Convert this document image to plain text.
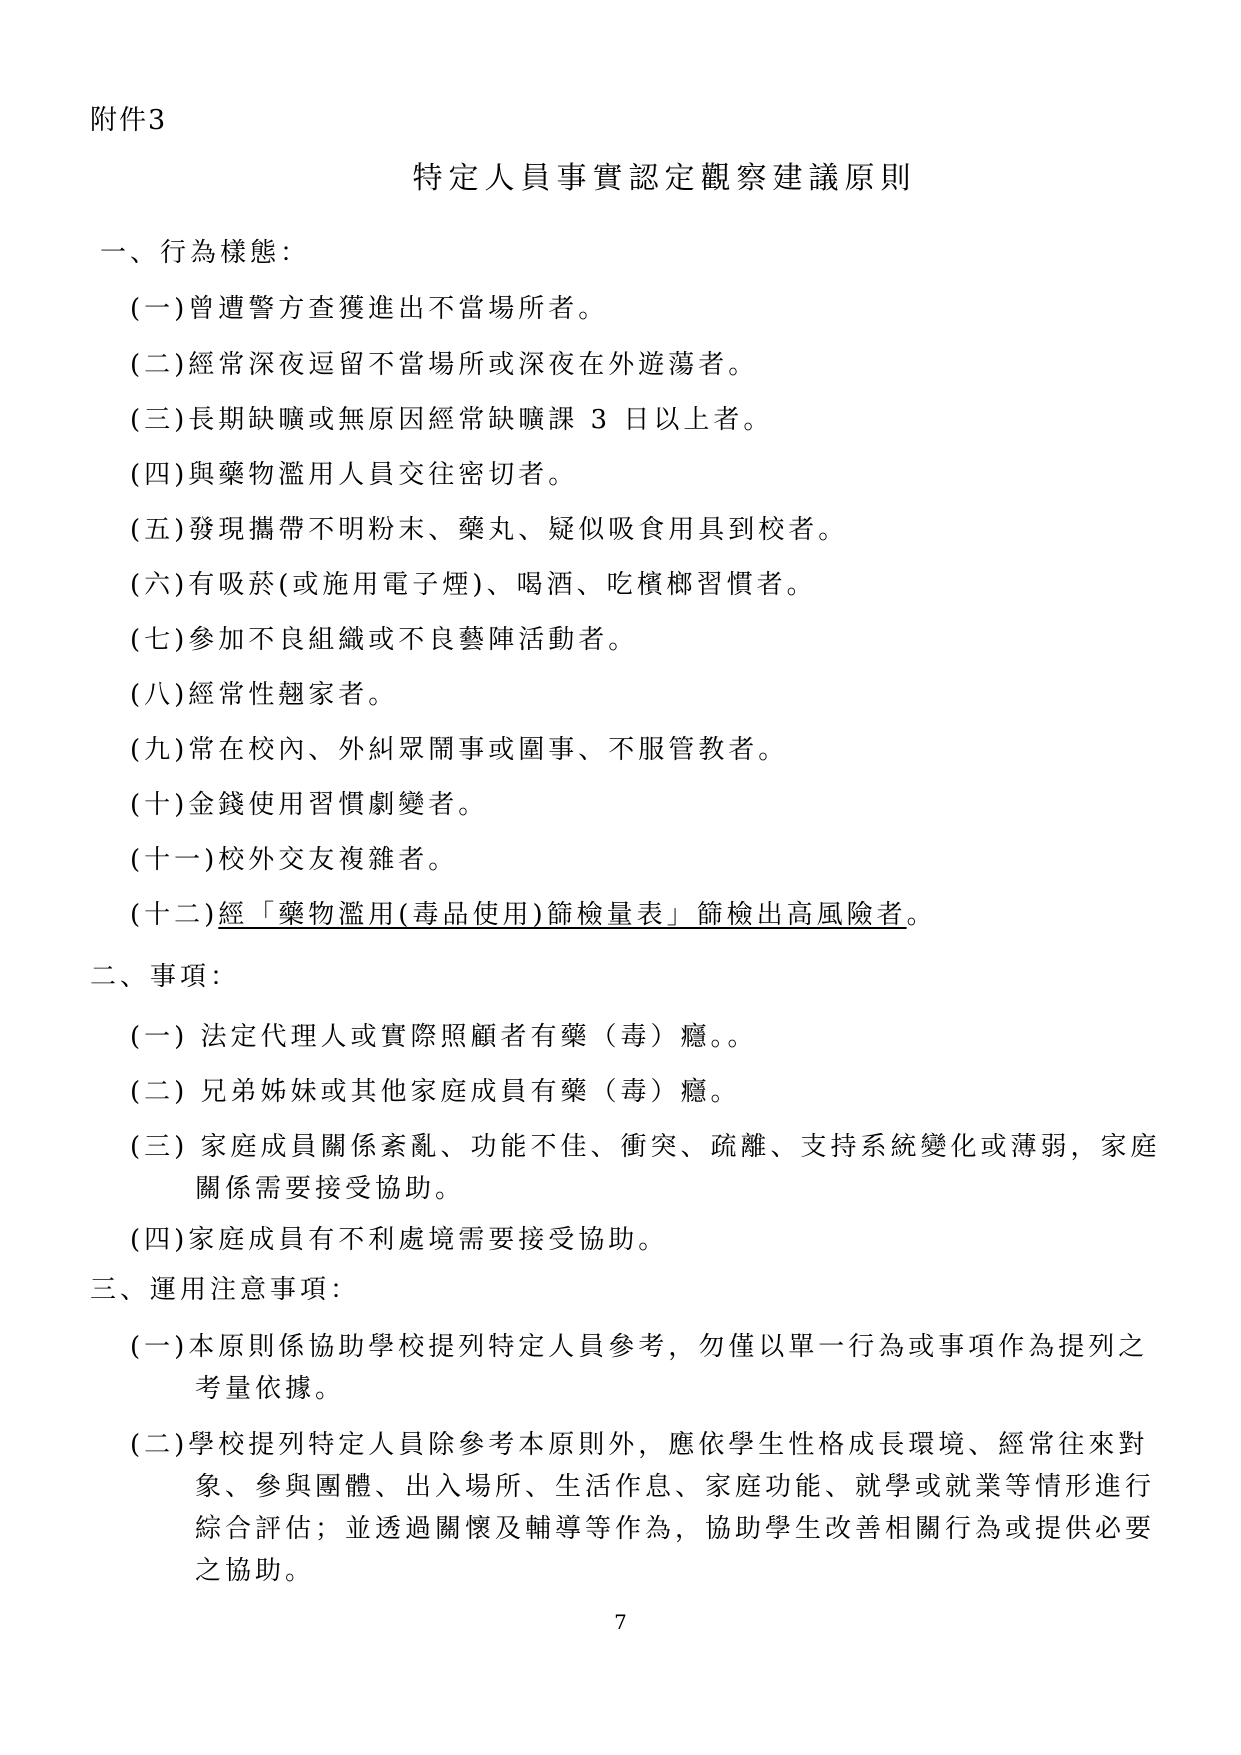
附件3
特定人員事實認定觀察建議原則
一、行為樣態：
(一)曾遭警方查獲進出不當場所者。
(二)經常深夜逗留不當場所或深夜在外遊蕩者。
(三)長期缺曠或無原因經常缺曠課 3 日以上者。
(四)與藥物濫用人員交往密切者。
(五)發現攜帶不明粉末、藥丸、疑似吸食用具到校者。
(六)有吸菸(或施用電子煙)、喝酒、吃檳榔習慣者。
(七)參加不良組織或不良藝陣活動者。
(八)經常性翹家者。
(九)常在校內、外糾眾鬧事或圍事、不服管教者。
(十)金錢使用習慣劇變者。
(十一)校外交友複雜者。
(十二)經「藥物濫用(毒品使用)篩檢量表」篩檢出高風險者。
二、事項：
(一) 法定代理人或實際照顧者有藥（毒）癮。。
(二) 兄弟姊妹或其他家庭成員有藥（毒）癮。
(三) 家庭成員關係紊亂、功能不佳、衝突、疏離、支持系統變化或薄弱，家庭
關係需要接受協助。
(四)家庭成員有不利處境需要接受協助。
三、運用注意事項：
(一)本原則係協助學校提列特定人員參考，勿僅以單一行為或事項作為提列之
考量依據。
(二)學校提列特定人員除參考本原則外，應依學生性格成長環境、經常往來對
象、參與團體、出入場所、生活作息、家庭功能、就學或就業等情形進行
綜合評估；並透過關懷及輔導等作為，協助學生改善相關行為或提供必要
之協助。
7
